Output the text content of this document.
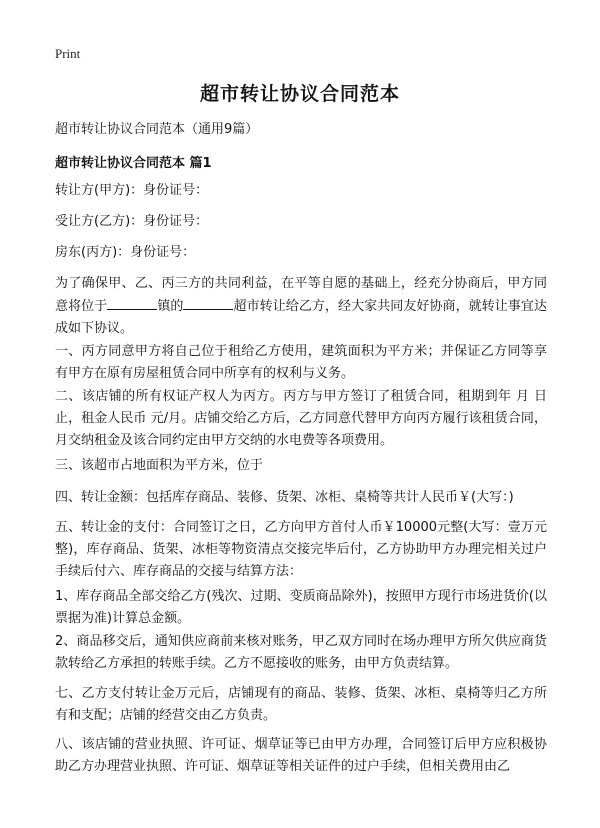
Print
超市转让协议合同范本
超市转让协议合同范本（通用9篇）
超市转让协议合同范本 篇1

转让方(甲方)：身份证号：

受让方(乙方)：身份证号：

房东(丙方)：身份证号：

为了确保甲、乙、丙三方的共同利益，在平等自愿的基础上，经充分协商后，甲方同意将位于	镇的	超市转让给乙方，经大家共同友好协商，就转让事宜达成如下协议。

一、丙方同意甲方将自己位于租给乙方使用，建筑面积为平方米；并保证乙方同等享有甲方在原有房屋租赁合同中所享有的权利与义务。

二、该店铺的所有权证产权人为丙方。丙方与甲方签订了租赁合同，租期到年 月 日止，租金人民币 元/月。店铺交给乙方后，乙方同意代替甲方向丙方履行该租赁合同，月交纳租金及该合同约定由甲方交纳的水电费等各项费用。

三、该超市占地面积为平方米，位于

四、转让金额：包括库存商品、装修、货架、冰柜、桌椅等共计人民币￥(大写：)

五、转让金的支付：合同签订之日，乙方向甲方首付人币￥10000元整(大写：壹万元整)，库存商品、货架、冰柜等物资清点交接完毕后付，乙方协助甲方办理完相关过户手续后付六、库存商品的交接与结算方法：

1、库存商品全部交给乙方(残次、过期、变质商品除外)，按照甲方现行市场进货价(以票据为准)计算总金额。

2、商品移交后，通知供应商前来核对账务，甲乙双方同时在场办理甲方所欠供应商货款转给乙方承担的转账手续。乙方不愿接收的账务，由甲方负责结算。

七、乙方支付转让金万元后，店铺现有的商品、装修、货架、冰柜、桌椅等归乙方所有和支配；店铺的经营交由乙方负责。

八、该店铺的营业执照、许可证、烟草证等已由甲方办理，合同签订后甲方应积极协助乙方办理营业执照、许可证、烟草证等相关证件的过户手续，但相关费用由乙
